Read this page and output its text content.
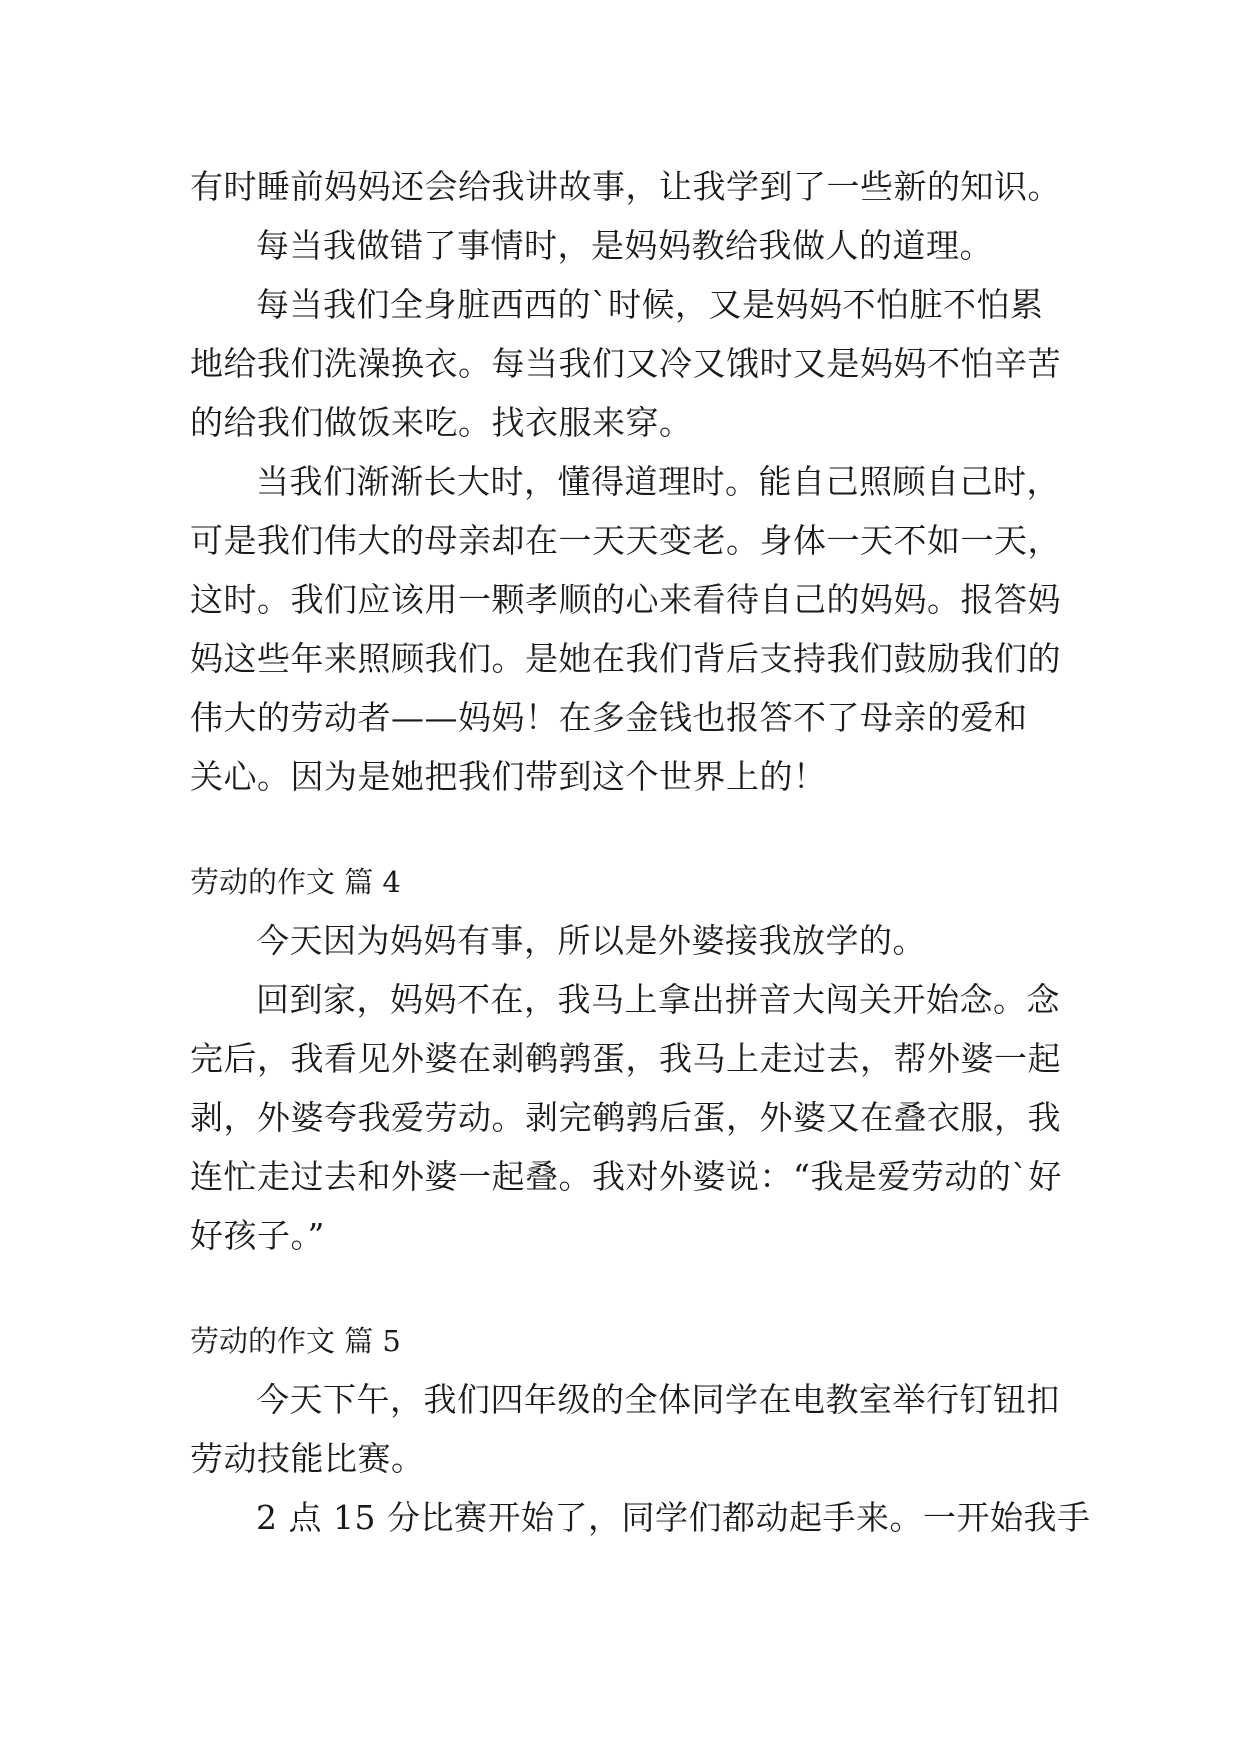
有时睡前妈妈还会给我讲故事，让我学到了一些新的知识。
每当我做错了事情时，是妈妈教给我做人的道理。
每当我们全身脏西西的`时候，又是妈妈不怕脏不怕累
地给我们洗澡换衣。每当我们又冷又饿时又是妈妈不怕辛苦
的给我们做饭来吃。找衣服来穿。
当我们渐渐长大时，懂得道理时。能自己照顾自己时，
可是我们伟大的母亲却在一天天变老。身体一天不如一天，
这时。我们应该用一颗孝顺的心来看待自己的妈妈。报答妈
妈这些年来照顾我们。是她在我们背后支持我们鼓励我们的
伟大的劳动者——妈妈！在多金钱也报答不了母亲的爱和
关心。因为是她把我们带到这个世界上的！
劳动的作文 篇 4
今天因为妈妈有事，所以是外婆接我放学的。
回到家，妈妈不在，我马上拿出拼音大闯关开始念。念
完后，我看见外婆在剥鹌鹑蛋，我马上走过去，帮外婆一起
剥，外婆夸我爱劳动。剥完鹌鹑后蛋，外婆又在叠衣服，我
连忙走过去和外婆一起叠。我对外婆说：“我是爱劳动的`好
好孩子。”
劳动的作文 篇 5
今天下午，我们四年级的全体同学在电教室举行钉钮扣
劳动技能比赛。
2 点 15 分比赛开始了，同学们都动起手来。一开始我手
